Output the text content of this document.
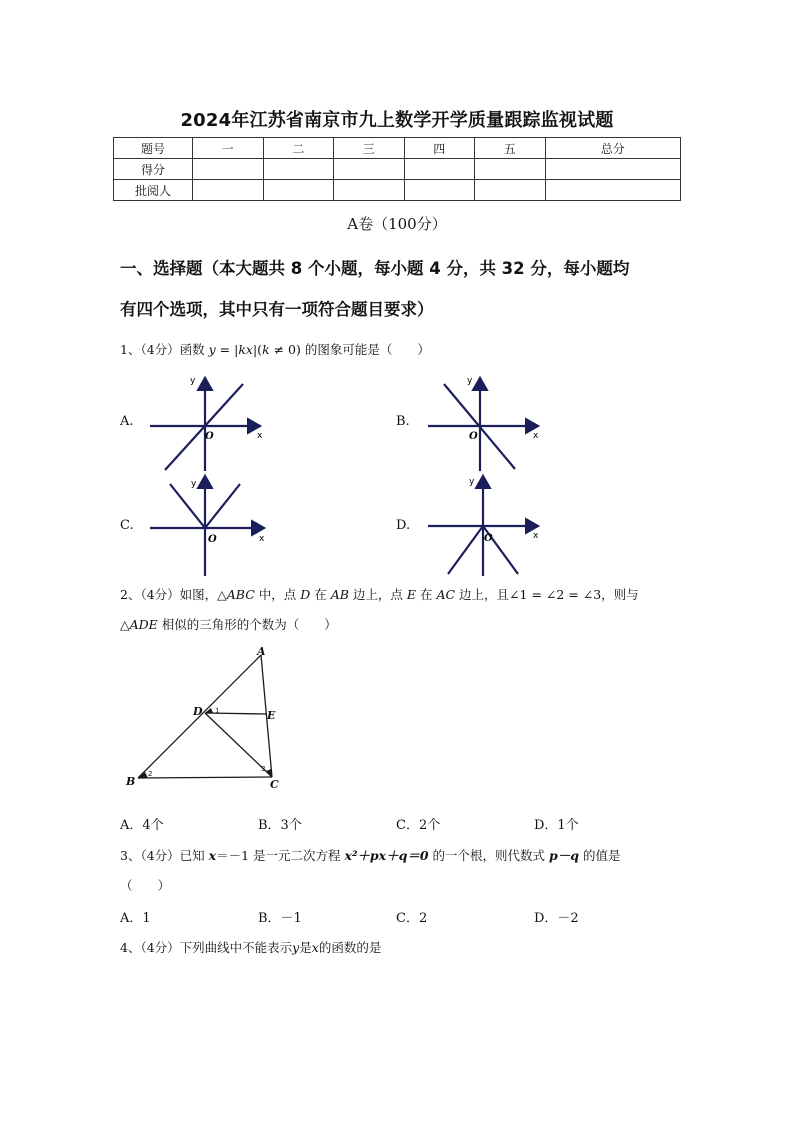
2024年江苏省南京市九上数学开学质量跟踪监视试题
题号	一	二	三	四	五	总分
得分						
批阅人						
A卷（100分）
一、选择题（本大题共 8 个小题，每小题 4 分，共 32 分，每小题均
有四个选项，其中只有一项符合题目要求）
1、（4分）函数 y = |kx|(k ≠ 0) 的图象可能是（　　）
A.	B.
C.	D.
y
x
O
y
x
O
y
x
O
y
x
O
2、（4分）如图，△ABC 中，点 D 在 AB 边上，点 E 在 AC 边上，且∠1 = ∠2 = ∠3，则与
△ADE 相似的三角形的个数为（　　）
A
B	C
D	E
1
2
3
A．4个	B．3个	C．2个	D．1个
3、（4分）已知 x＝－1 是一元二次方程 x²＋px＋q＝0 的一个根，则代数式 p－q 的值是
（　　）
A．1	B．－1	C．2	D．－2
4、（4分）下列曲线中不能表示y是x的函数的是
